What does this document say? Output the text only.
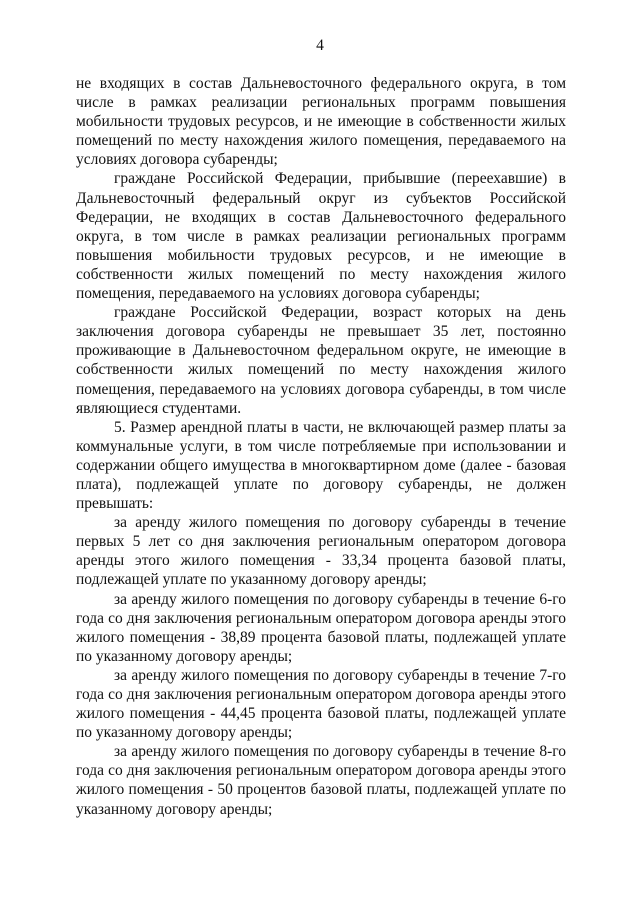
4

не входящих в состав Дальневосточного федерального округа, в том числе в рамках реализации региональных программ повышения мобильности трудовых ресурсов, и не имеющие в собственности жилых помещений по месту нахождения жилого помещения, передаваемого на условиях договора субаренды;

граждане Российской Федерации, прибывшие (переехавшие) в Дальневосточный федеральный округ из субъектов Российской Федерации, не входящих в состав Дальневосточного федерального округа, в том числе в рамках реализации региональных программ повышения мобильности трудовых ресурсов, и не имеющие в собственности жилых помещений по месту нахождения жилого помещения, передаваемого на условиях договора субаренды;

граждане Российской Федерации, возраст которых на день заключения договора субаренды не превышает 35 лет, постоянно проживающие в Дальневосточном федеральном округе, не имеющие в собственности жилых помещений по месту нахождения жилого помещения, передаваемого на условиях договора субаренды, в том числе являющиеся студентами.

5. Размер арендной платы в части, не включающей размер платы за коммунальные услуги, в том числе потребляемые при использовании и содержании общего имущества в многоквартирном доме (далее - базовая плата), подлежащей уплате по договору субаренды, не должен превышать:

за аренду жилого помещения по договору субаренды в течение первых 5 лет со дня заключения региональным оператором договора аренды этого жилого помещения - 33,34 процента базовой платы, подлежащей уплате по указанному договору аренды;

за аренду жилого помещения по договору субаренды в течение 6-го года со дня заключения региональным оператором договора аренды этого жилого помещения - 38,89 процента базовой платы, подлежащей уплате по указанному договору аренды;

за аренду жилого помещения по договору субаренды в течение 7-го года со дня заключения региональным оператором договора аренды этого жилого помещения - 44,45 процента базовой платы, подлежащей уплате по указанному договору аренды;

за аренду жилого помещения по договору субаренды в течение 8-го года со дня заключения региональным оператором договора аренды этого жилого помещения - 50 процентов базовой платы, подлежащей уплате по указанному договору аренды;
